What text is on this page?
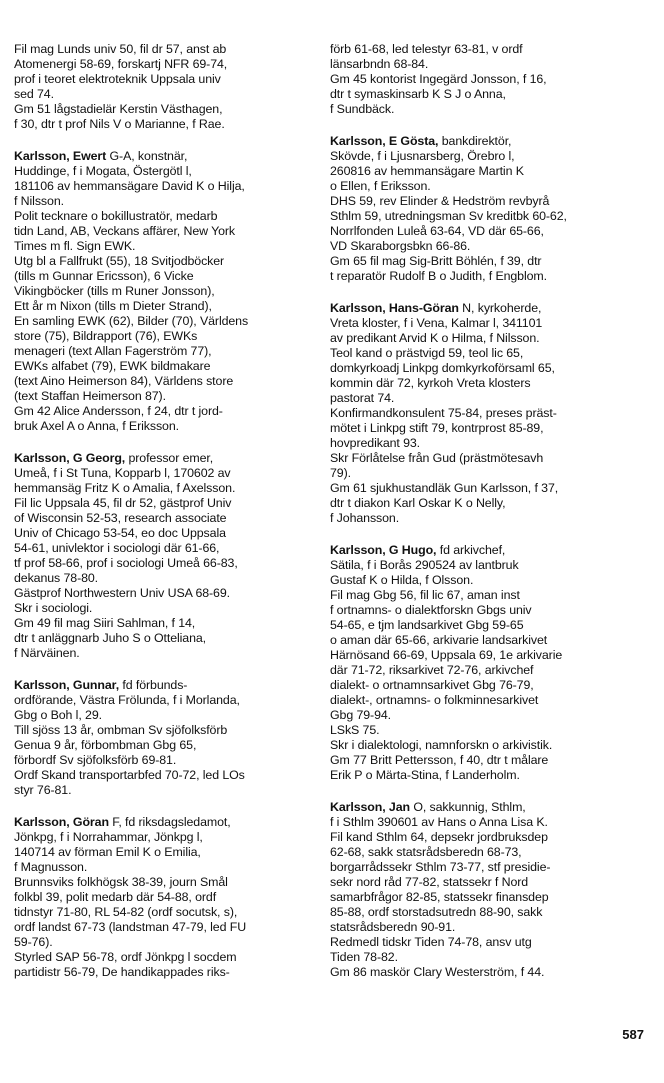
Fil mag Lunds univ 50, fil dr 57, anst ab
Atomenergi 58-69, forskartj NFR 69-74,
prof i teoret elektroteknik Uppsala univ
sed 74.
Gm 51 lågstadielär Kerstin Västhagen,
f 30, dtr t prof Nils V o Marianne, f Rae.
Karlsson, Ewert G-A, konstnär,
Huddinge, f i Mogata, Östergötl l,
181106 av hemmansägare David K o Hilja,
f Nilsson.
Polit tecknare o bokillustratör, medarb
tidn Land, AB, Veckans affärer, New York
Times m fl. Sign EWK.
Utg bl a Fallfrukt (55), 18 Svitjodböcker
(tills m Gunnar Ericsson), 6 Vicke
Vikingböcker (tills m Runer Jonsson),
Ett år m Nixon (tills m Dieter Strand),
En samling EWK (62), Bilder (70), Världens
store (75), Bildrapport (76), EWKs
menageri (text Allan Fagerström 77),
EWKs alfabet (79), EWK bildmakare
(text Aino Heimerson 84), Världens store
(text Staffan Heimerson 87).
Gm 42 Alice Andersson, f 24, dtr t jord-
bruk Axel A o Anna, f Eriksson.
Karlsson, G Georg, professor emer,
Umeå, f i St Tuna, Kopparb l, 170602 av
hemmansäg Fritz K o Amalia, f Axelsson.
Fil lic Uppsala 45, fil dr 52, gästprof Univ
of Wisconsin 52-53, research associate
Univ of Chicago 53-54, eo doc Uppsala
54-61, univlektor i sociologi där 61-66,
tf prof 58-66, prof i sociologi Umeå 66-83,
dekanus 78-80.
Gästprof Northwestern Univ USA 68-69.
Skr i sociologi.
Gm 49 fil mag Siiri Sahlman, f 14,
dtr t anläggnarb Juho S o Otteliana,
f Närväinen.
Karlsson, Gunnar, fd förbunds-
ordförande, Västra Frölunda, f i Morlanda,
Gbg o Boh l, 29.
Till sjöss 13 år, ombman Sv sjöfolksförb
Genua 9 år, förbombman Gbg 65,
förbordf Sv sjöfolksförb 69-81.
Ordf Skand transportarbfed 70-72, led LOs
styr 76-81.
Karlsson, Göran F, fd riksdagsledamot,
Jönkpg, f i Norrahammar, Jönkpg l,
140714 av förman Emil K o Emilia,
f Magnusson.
Brunnsviks folkhögsk 38-39, journ Smål
folkbl 39, polit medarb där 54-88, ordf
tidnstyr 71-80, RL 54-82 (ordf socutsk, s),
ordf landst 67-73 (landstman 47-79, led FU
59-76).
Styrled SAP 56-78, ordf Jönkpg l socdem
partidistr 56-79, De handikappades riks-
förb 61-68, led telestyr 63-81, v ordf
länsarbndn 68-84.
Gm 45 kontorist Ingegärd Jonsson, f 16,
dtr t symaskinsarb K S J o Anna,
f Sundbäck.
Karlsson, E Gösta, bankdirektör,
Skövde, f i Ljusnarsberg, Örebro l,
260816 av hemmansägare Martin K
o Ellen, f Eriksson.
DHS 59, rev Elinder & Hedström revbyrå
Sthlm 59, utredningsman Sv kreditbk 60-62,
Norrlfonden Luleå 63-64, VD där 65-66,
VD Skaraborgsbkn 66-86.
Gm 65 fil mag Sig-Britt Böhlén, f 39, dtr
t reparatör Rudolf B o Judith, f Engblom.
Karlsson, Hans-Göran N, kyrkoherde,
Vreta kloster, f i Vena, Kalmar l, 341101
av predikant Arvid K o Hilma, f Nilsson.
Teol kand o prästvigd 59, teol lic 65,
domkyrkoadj Linkpg domkyrkoförsaml 65,
kommin där 72, kyrkoh Vreta klosters
pastorat 74.
Konfirmandkonsulent 75-84, preses präst-
mötet i Linkpg stift 79, kontrprost 85-89,
hovpredikant 93.
Skr Förlåtelse från Gud (prästmötesavh
79).
Gm 61 sjukhustandläk Gun Karlsson, f 37,
dtr t diakon Karl Oskar K o Nelly,
f Johansson.
Karlsson, G Hugo, fd arkivchef,
Sätila, f i Borås 290524 av lantbruk
Gustaf K o Hilda, f Olsson.
Fil mag Gbg 56, fil lic 67, aman inst
f ortnamns- o dialektforskn Gbgs univ
54-65, e tjm landsarkivet Gbg 59-65
o aman där 65-66, arkivarie landsarkivet
Härnösand 66-69, Uppsala 69, 1e arkivarie
där 71-72, riksarkivet 72-76, arkivchef
dialekt- o ortnamnsarkivet Gbg 76-79,
dialekt-, ortnamns- o folkminnesarkivet
Gbg 79-94.
LSkS 75.
Skr i dialektologi, namnforskn o arkivistik.
Gm 77 Britt Pettersson, f 40, dtr t målare
Erik P o Märta-Stina, f Landerholm.
Karlsson, Jan O, sakkunnig, Sthlm,
f i Sthlm 390601 av Hans o Anna Lisa K.
Fil kand Sthlm 64, depsekr jordbruksdep
62-68, sakk statsrådsberedn 68-73,
borgarrådssekr Sthlm 73-77, stf presidie-
sekr nord råd 77-82, statssekr f Nord
samarbfrågor 82-85, statssekr finansdep
85-88, ordf storstadsutredn 88-90, sakk
statsrådsberedn 90-91.
Redmedl tidskr Tiden 74-78, ansv utg
Tiden 78-82.
Gm 86 maskör Clary Westerström, f 44.
587
